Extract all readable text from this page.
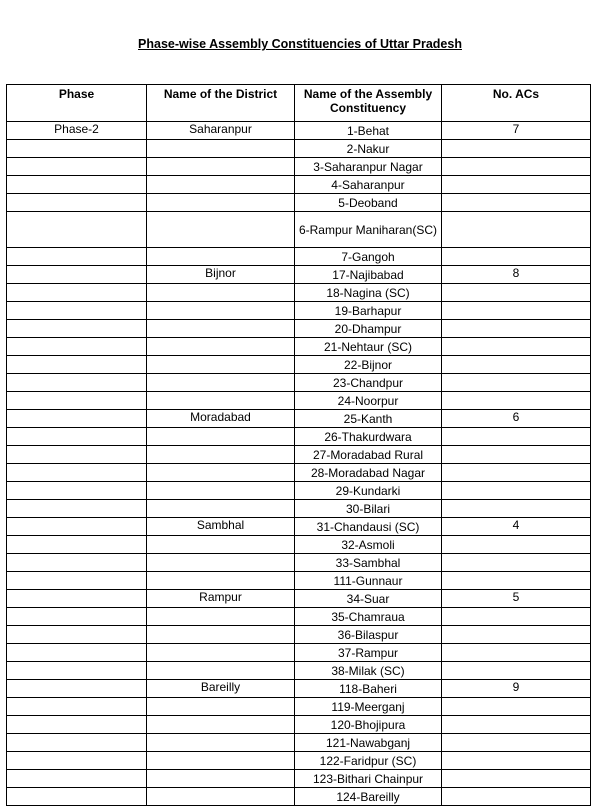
Phase-wise Assembly Constituencies of Uttar Pradesh
Phase	Name of the District	Name of the Assembly Constituency	No. ACs
Phase-2	Saharanpur	1-Behat	7
		2-Nakur	
		3-Saharanpur Nagar	
		4-Saharanpur	
		5-Deoband	
		6-Rampur Maniharan(SC)	
		7-Gangoh	
	Bijnor	17-Najibabad	8
		18-Nagina (SC)	
		19-Barhapur	
		20-Dhampur	
		21-Nehtaur (SC)	
		22-Bijnor	
		23-Chandpur	
		24-Noorpur	
	Moradabad	25-Kanth	6
		26-Thakurdwara	
		27-Moradabad Rural	
		28-Moradabad Nagar	
		29-Kundarki	
		30-Bilari	
	Sambhal	31-Chandausi (SC)	4
		32-Asmoli	
		33-Sambhal	
		111-Gunnaur	
	Rampur	34-Suar	5
		35-Chamraua	
		36-Bilaspur	
		37-Rampur	
		38-Milak (SC)	
	Bareilly	118-Baheri	9
		119-Meerganj	
		120-Bhojipura	
		121-Nawabganj	
		122-Faridpur (SC)	
		123-Bithari Chainpur	
		124-Bareilly	
